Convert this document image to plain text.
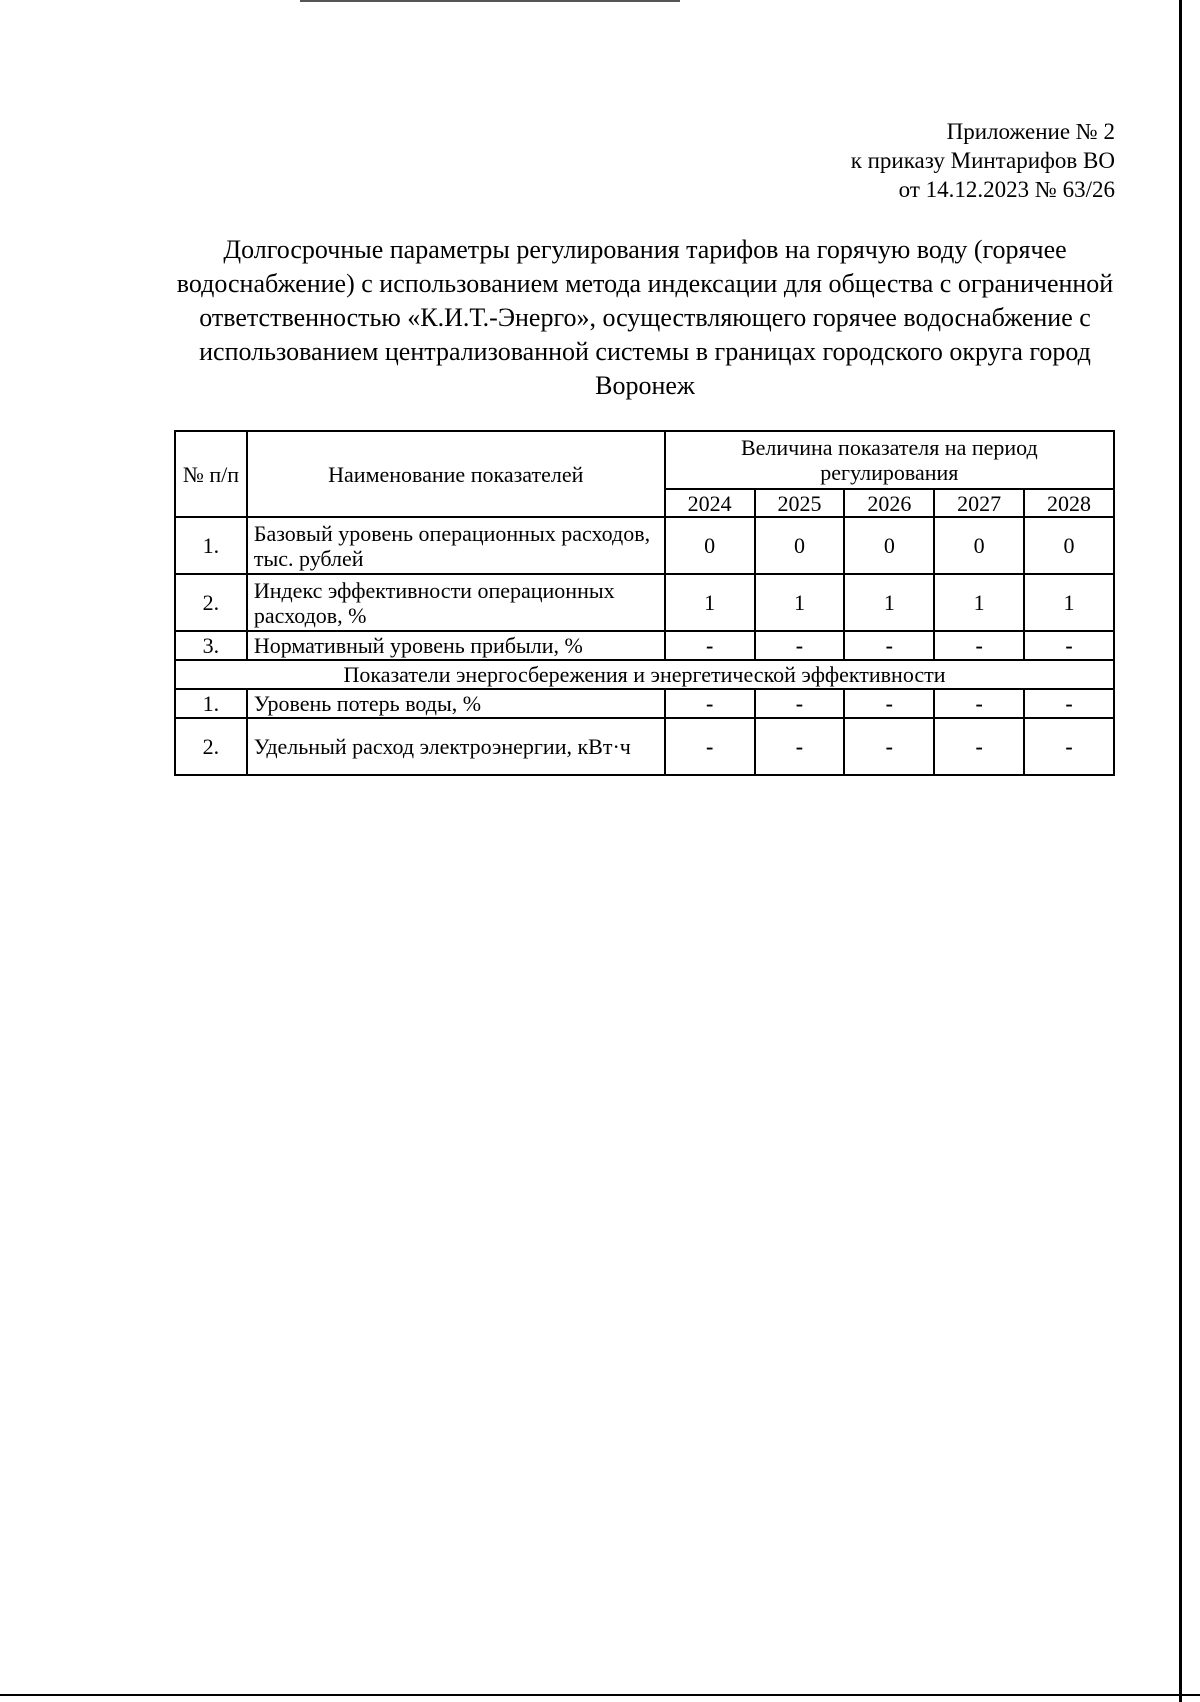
Приложение № 2
к приказу Минтарифов ВО
от 14.12.2023 № 63/26
Долгосрочные параметры регулирования тарифов на горячую воду (горячее водоснабжение) с использованием метода индексации для общества с ограниченной ответственностью «К.И.Т.-Энерго», осуществляющего горячее водоснабжение с использованием централизованной системы в границах городского округа город Воронеж
№ п/п	Наименование показателей	Величина показателя на период регулирования				
		2024	2025	2026	2027	2028
1.	Базовый уровень операционных расходов, тыс. рублей	0	0	0	0	0
2.	Индекс эффективности операционных расходов, %	1	1	1	1	1
3.	Нормативный уровень прибыли, %	-	-	-	-	-
Показатели энергосбережения и энергетической эффективности						
1.	Уровень потерь воды, %	-	-	-	-	-
2.	Удельный расход электроэнергии, кВт·ч	-	-	-	-	-
